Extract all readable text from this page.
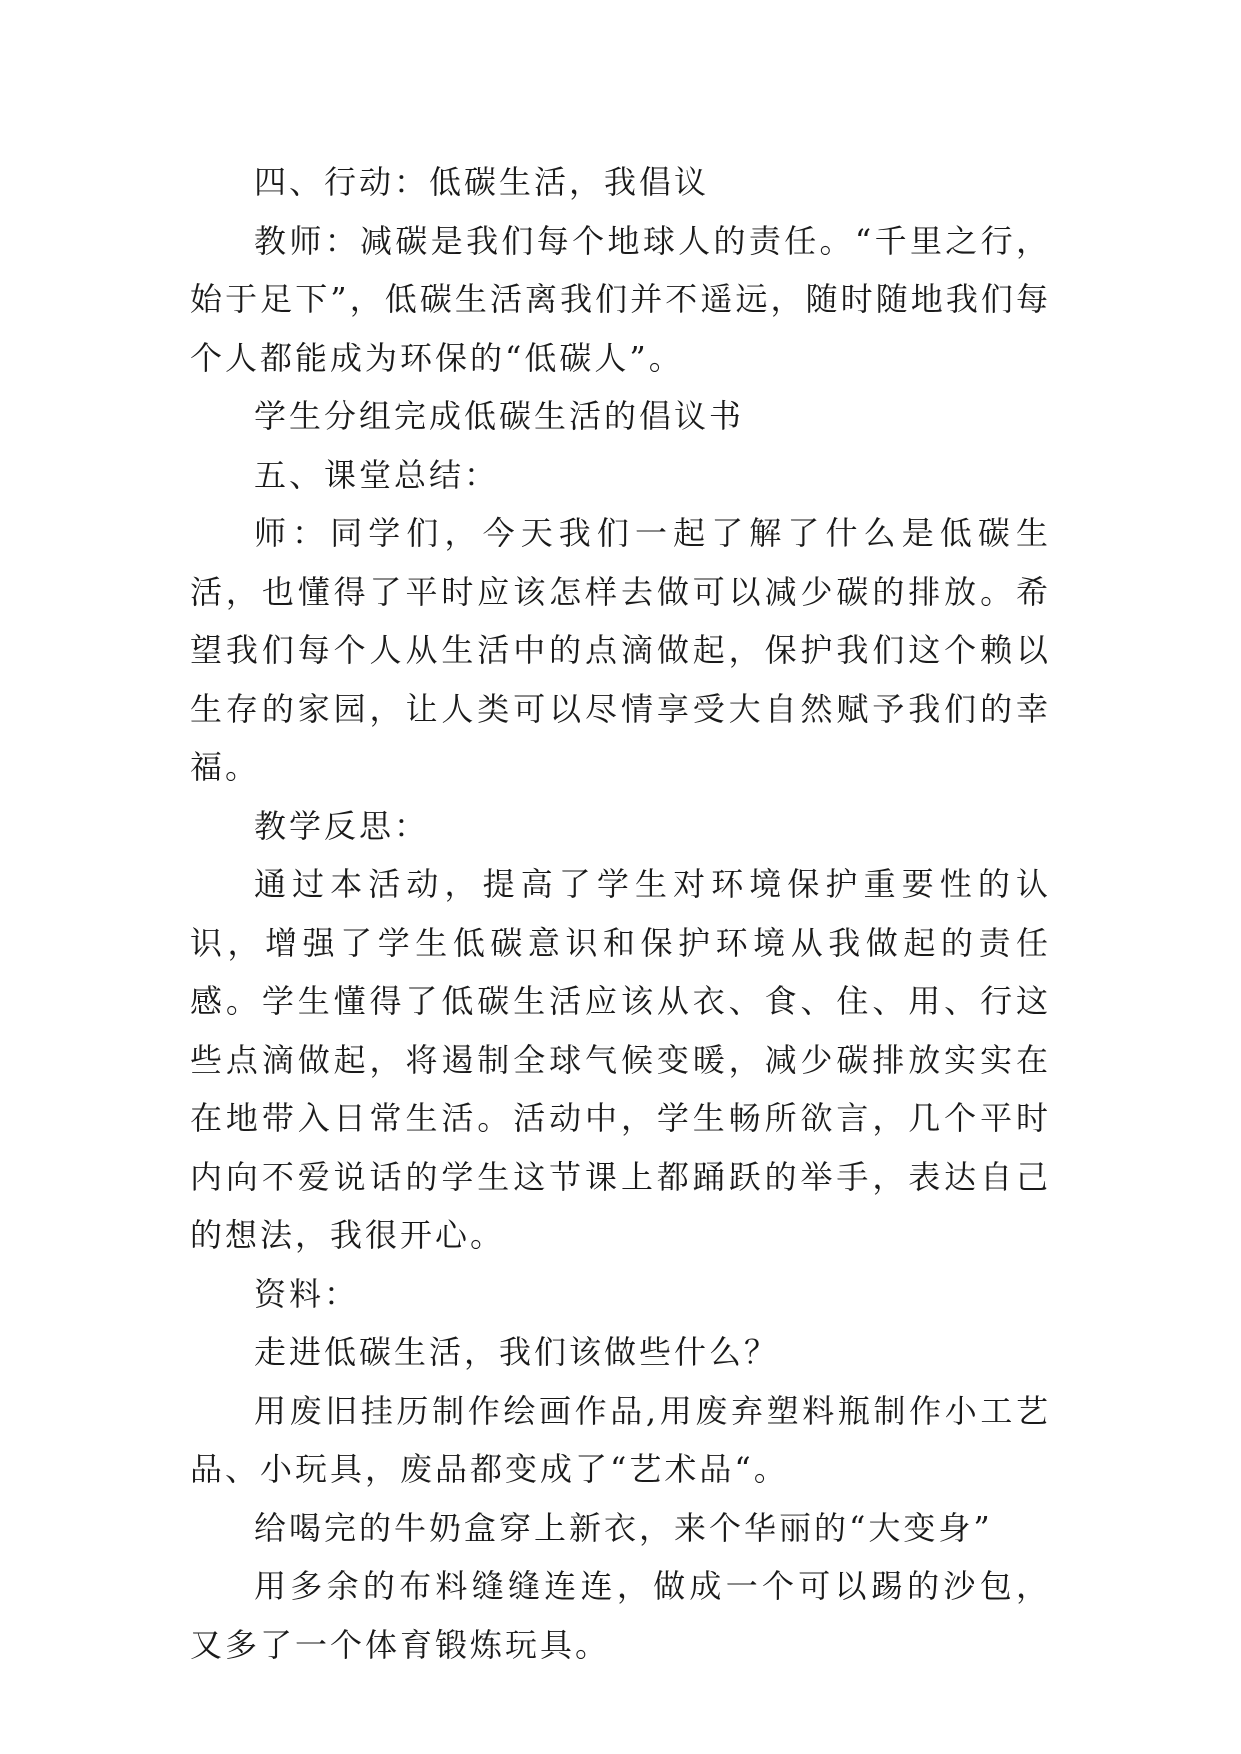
四、行动：低碳生活，我倡议

教师：减碳是我们每个地球人的责任。“千里之行，始于足下”，低碳生活离我们并不遥远，随时随地我们每个人都能成为环保的“低碳人”。

学生分组完成低碳生活的倡议书

五、课堂总结：

师：同学们，今天我们一起了解了什么是低碳生活，也懂得了平时应该怎样去做可以减少碳的排放。希望我们每个人从生活中的点滴做起，保护我们这个赖以生存的家园，让人类可以尽情享受大自然赋予我们的幸福。

教学反思：

通过本活动，提高了学生对环境保护重要性的认识，增强了学生低碳意识和保护环境从我做起的责任感。学生懂得了低碳生活应该从衣、食、住、用、行这些点滴做起，将遏制全球气候变暖，减少碳排放实实在在地带入日常生活。活动中，学生畅所欲言，几个平时内向不爱说话的学生这节课上都踊跃的举手，表达自己的想法，我很开心。

资料：

走进低碳生活，我们该做些什么？

用废旧挂历制作绘画作品,用废弃塑料瓶制作小工艺品、小玩具，废品都变成了“艺术品“。

给喝完的牛奶盒穿上新衣，来个华丽的“大变身”

用多余的布料缝缝连连，做成一个可以踢的沙包，又多了一个体育锻炼玩具。
